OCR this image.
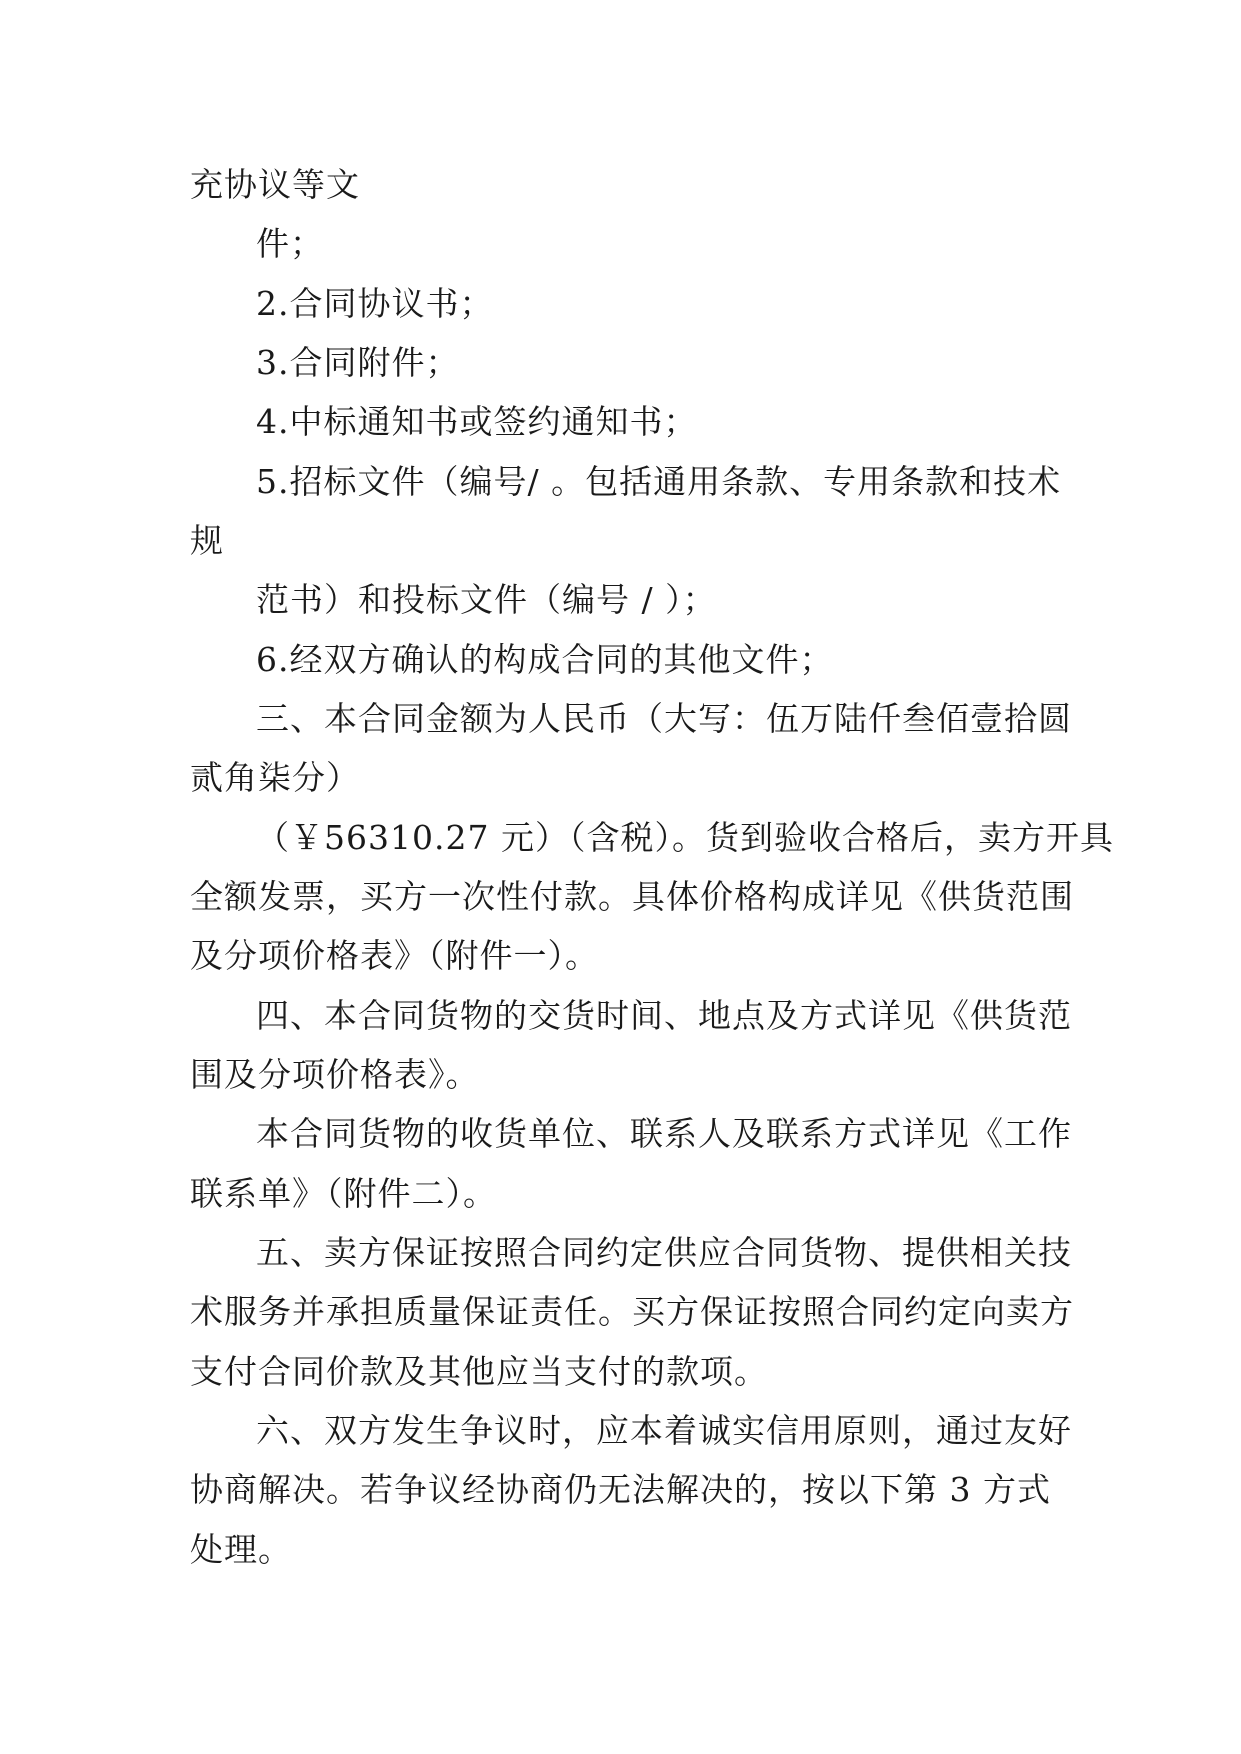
充协议等文
件；
2.合同协议书；
3.合同附件；
4.中标通知书或签约通知书；
5.招标文件（编号/ 。包括通用条款、专用条款和技术
规
范书）和投标文件（编号 / ）；
6.经双方确认的构成合同的其他文件；
三、本合同金额为人民币（大写：伍万陆仟叁佰壹拾圆
贰角柒分）
（￥56310.27 元）（含税）。货到验收合格后，卖方开具
全额发票，买方一次性付款。具体价格构成详见《供货范围
及分项价格表》（附件一）。
四、本合同货物的交货时间、地点及方式详见《供货范
围及分项价格表》。
本合同货物的收货单位、联系人及联系方式详见《工作
联系单》（附件二）。
五、卖方保证按照合同约定供应合同货物、提供相关技
术服务并承担质量保证责任。买方保证按照合同约定向卖方
支付合同价款及其他应当支付的款项。
六、双方发生争议时，应本着诚实信用原则，通过友好
协商解决。若争议经协商仍无法解决的，按以下第 3 方式
处理。
